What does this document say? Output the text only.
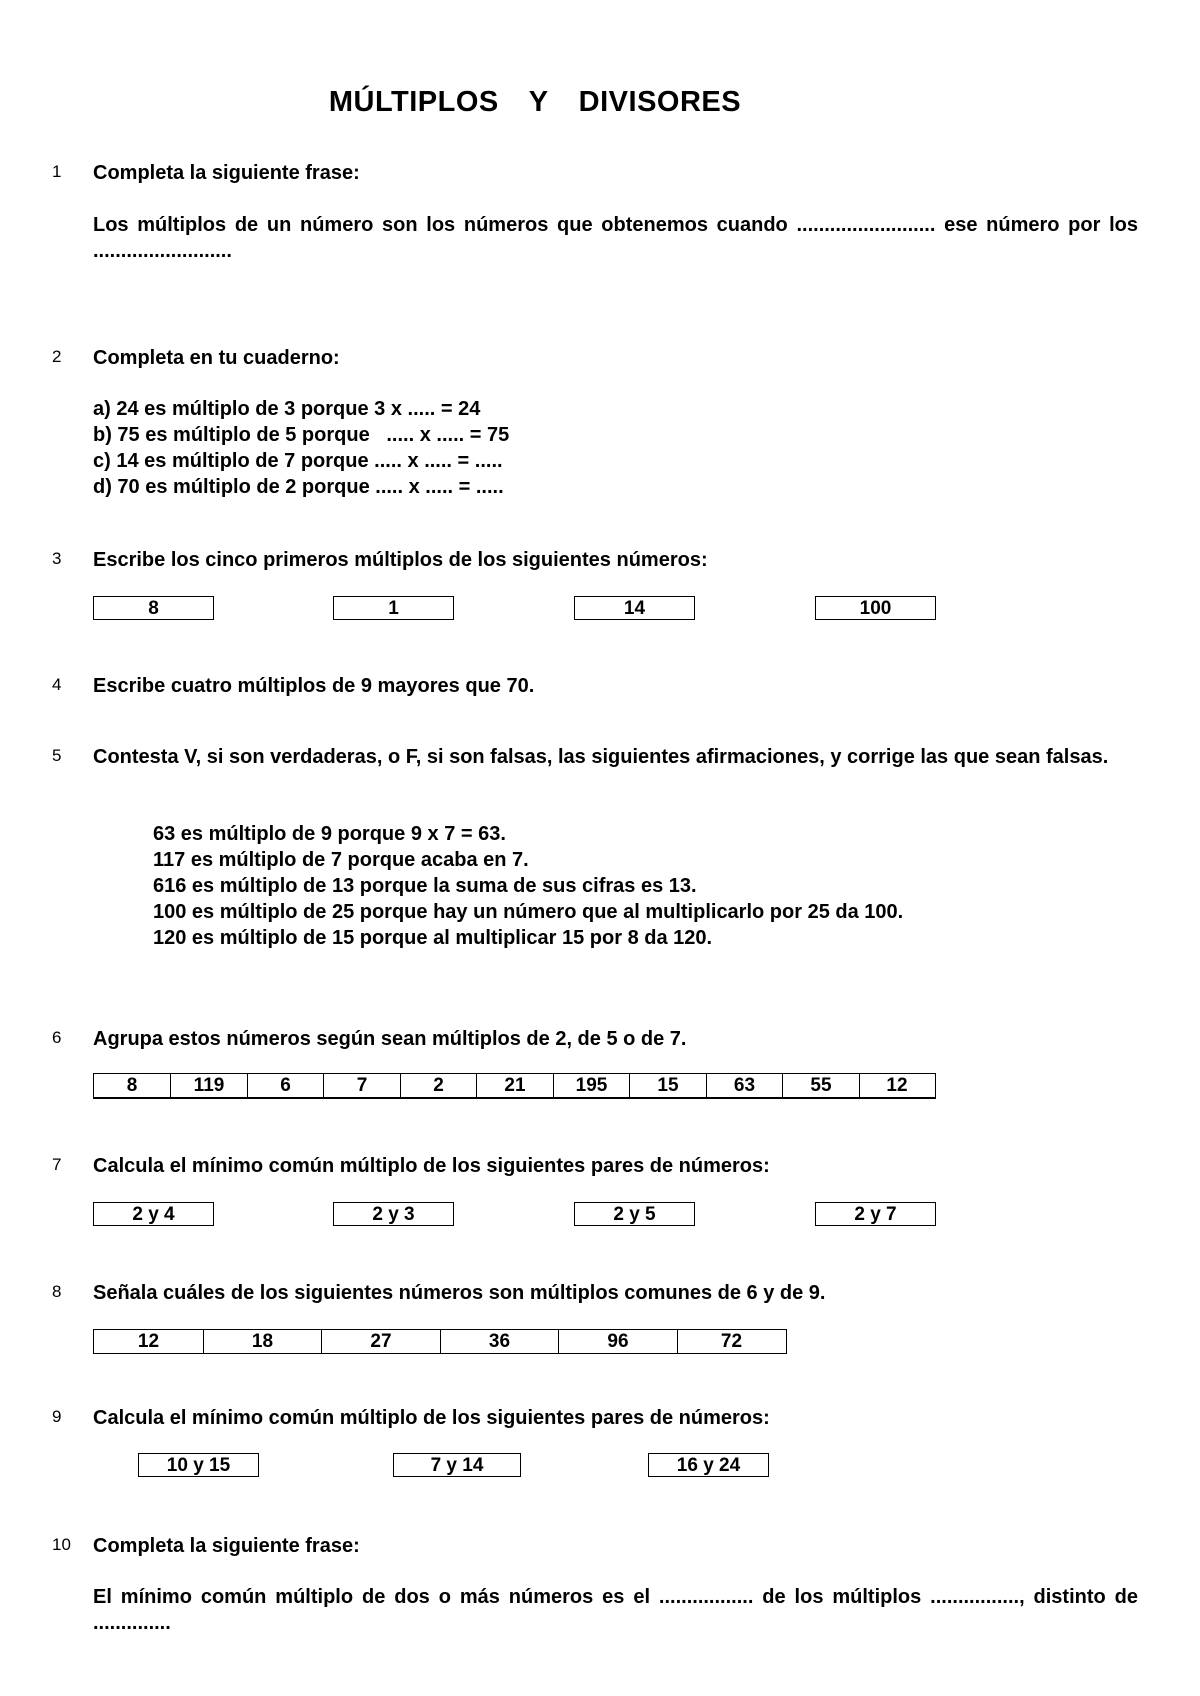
MÚLTIPLOS Y DIVISORES
1 Completa la siguiente frase:
Los múltiplos de un número son los números que obtenemos cuando ......................... ese número por los .........................
2 Completa en tu cuaderno:
a) 24 es múltiplo de 3 porque 3 x ..... = 24
b) 75 es múltiplo de 5 porque   ..... x ..... = 75
c) 14 es múltiplo de 7 porque ..... x ..... = .....
d) 70 es múltiplo de 2 porque ..... x ..... = .....
3 Escribe los cinco primeros múltiplos de los siguientes números:
8	1	14	100
4 Escribe cuatro múltiplos de 9 mayores que 70.
5 Contesta V, si son verdaderas, o F, si son falsas, las siguientes afirmaciones, y corrige las que sean falsas.
63 es múltiplo de 9 porque 9 x 7 = 63.
117 es múltiplo de 7 porque acaba en 7.
616 es múltiplo de 13 porque la suma de sus cifras es 13.
100 es múltiplo de 25 porque hay un número que al multiplicarlo por 25 da 100.
120 es múltiplo de 15 porque al multiplicar 15 por 8 da 120.
6 Agrupa estos números según sean múltiplos de 2, de 5 o de 7.
8	119	6	7	2	21	195	15	63	55	12
7 Calcula el mínimo común múltiplo de los siguientes pares de números:
2 y 4	2 y 3	2 y 5	2 y 7
8 Señala cuáles de los siguientes números son múltiplos comunes de 6 y de 9.
12	18	27	36	96	72
9 Calcula el mínimo común múltiplo de los siguientes pares de números:
10 y 15	7 y 14	16 y 24
10 Completa la siguiente frase:
El mínimo común múltiplo de dos o más números es el ................. de los múltiplos ................, distinto de ..............
